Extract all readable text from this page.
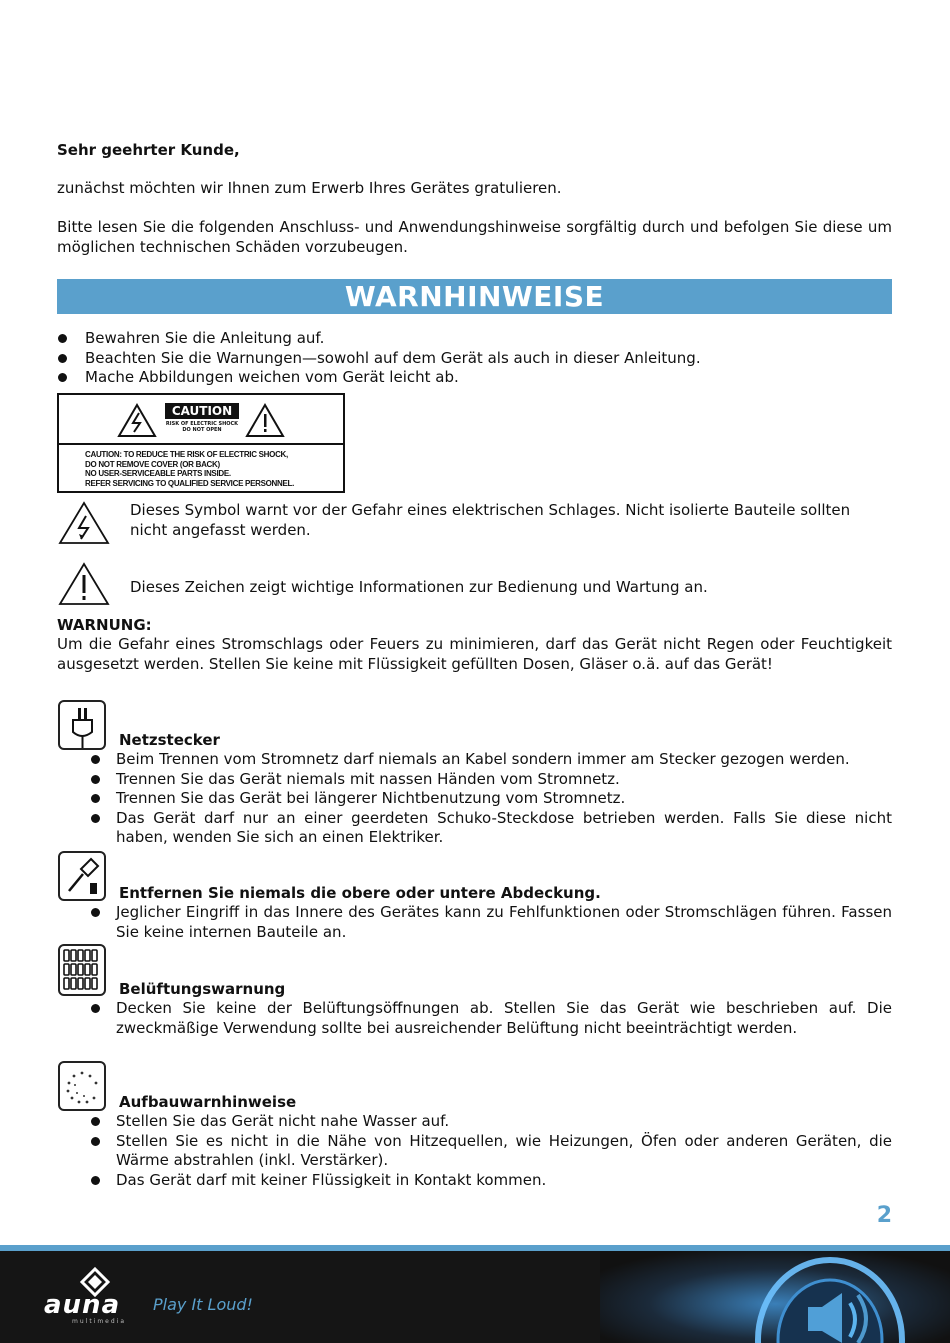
Sehr geehrter Kunde,
zunächst möchten wir Ihnen zum Erwerb Ihres Gerätes gratulieren.
Bitte lesen Sie die folgenden Anschluss- und Anwendungshinweise sorgfältig durch und befolgen Sie diese um möglichen technischen Schäden vorzubeugen.
WARNHINWEISE
Bewahren Sie die Anleitung auf.
Beachten Sie die Warnungen—sowohl auf dem Gerät als auch in dieser Anleitung.
Mache Abbildungen weichen vom Gerät leicht ab.
CAUTION
RISK OF ELECTRIC SHOCK
DO NOT OPEN
CAUTION: TO REDUCE THE RISK OF ELECTRIC SHOCK,
DO NOT REMOVE COVER (OR BACK)
NO USER-SERVICEABLE PARTS INSIDE.
REFER SERVICING TO QUALIFIED SERVICE PERSONNEL.
Dieses Symbol warnt vor der Gefahr eines elektrischen Schlages. Nicht isolierte Bauteile sollten nicht angefasst werden.
Dieses Zeichen zeigt wichtige Informationen zur Bedienung und Wartung an.
WARNUNG:
Um die Gefahr eines Stromschlags oder Feuers zu minimieren, darf das Gerät nicht Regen oder Feuchtigkeit ausgesetzt werden. Stellen Sie keine mit Flüssigkeit gefüllten Dosen, Gläser o.ä. auf das Gerät!
Netzstecker
Beim Trennen vom Stromnetz darf niemals an Kabel sondern immer am Stecker gezogen werden.
Trennen Sie das Gerät niemals mit nassen Händen vom Stromnetz.
Trennen Sie das Gerät bei längerer Nichtbenutzung vom Stromnetz.
Das Gerät darf nur an einer geerdeten Schuko-Steckdose betrieben werden. Falls Sie diese nicht haben, wenden Sie sich an einen Elektriker.
Entfernen Sie niemals die obere oder untere Abdeckung.
Jeglicher Eingriff in das Innere des Gerätes kann zu Fehlfunktionen oder Stromschlägen führen. Fassen Sie keine internen Bauteile an.
Belüftungswarnung
Decken Sie keine der Belüftungsöffnungen ab. Stellen Sie das Gerät wie beschrieben auf. Die zweckmäßige Verwendung sollte bei ausreichender Belüftung nicht beeinträchtigt werden.
Aufbauwarnhinweise
Stellen Sie das Gerät nicht nahe Wasser auf.
Stellen Sie es nicht in die Nähe von Hitzequellen, wie Heizungen, Öfen oder anderen Geräten, die Wärme abstrahlen (inkl. Verstärker).
Das Gerät darf mit keiner Flüssigkeit in Kontakt kommen.
2
auna
multimedia
Play It Loud!
